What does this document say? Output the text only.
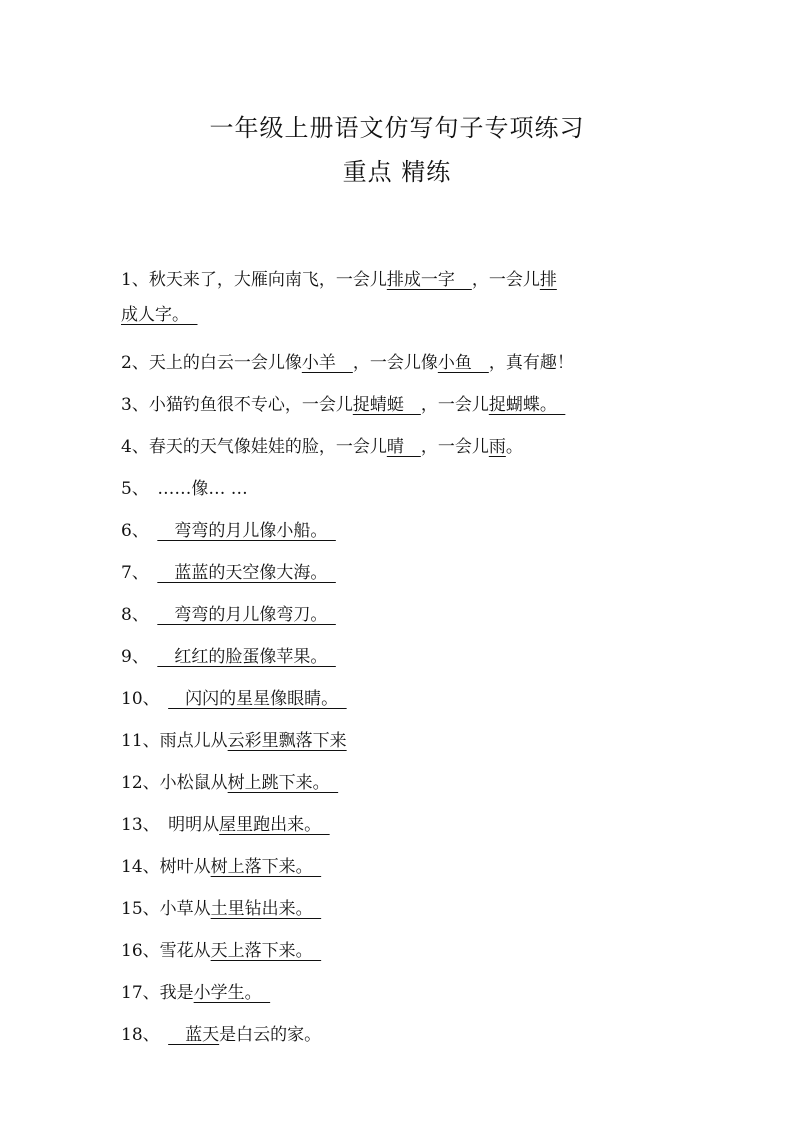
一年级上册语文仿写句子专项练习
重点 精练
1、秋天来了，大雁向南飞，一会儿排成一字　，一会儿排
成人字。　
2、天上的白云一会儿像小羊　，一会儿像小鱼　，真有趣！
3、小猫钓鱼很不专心，一会儿捉蜻蜓　，一会儿捉蝴蝶。　
4、春天的天气像娃娃的脸，一会儿晴　，一会儿雨。
5、　……像… …
6、　　弯弯的月儿像小船。　
7、　　蓝蓝的天空像大海。　
8、　　弯弯的月儿像弯刀。　
9、　　红红的脸蛋像苹果。　
10、　　闪闪的星星像眼睛。　
11、雨点儿从云彩里飘落下来
12、小松鼠从树上跳下来。　
13、　明明从屋里跑出来。　
14、树叶从树上落下来。　
15、小草从土里钻出来。　
16、雪花从天上落下来。　
17、我是小学生。　
18、　　蓝天是白云的家。
